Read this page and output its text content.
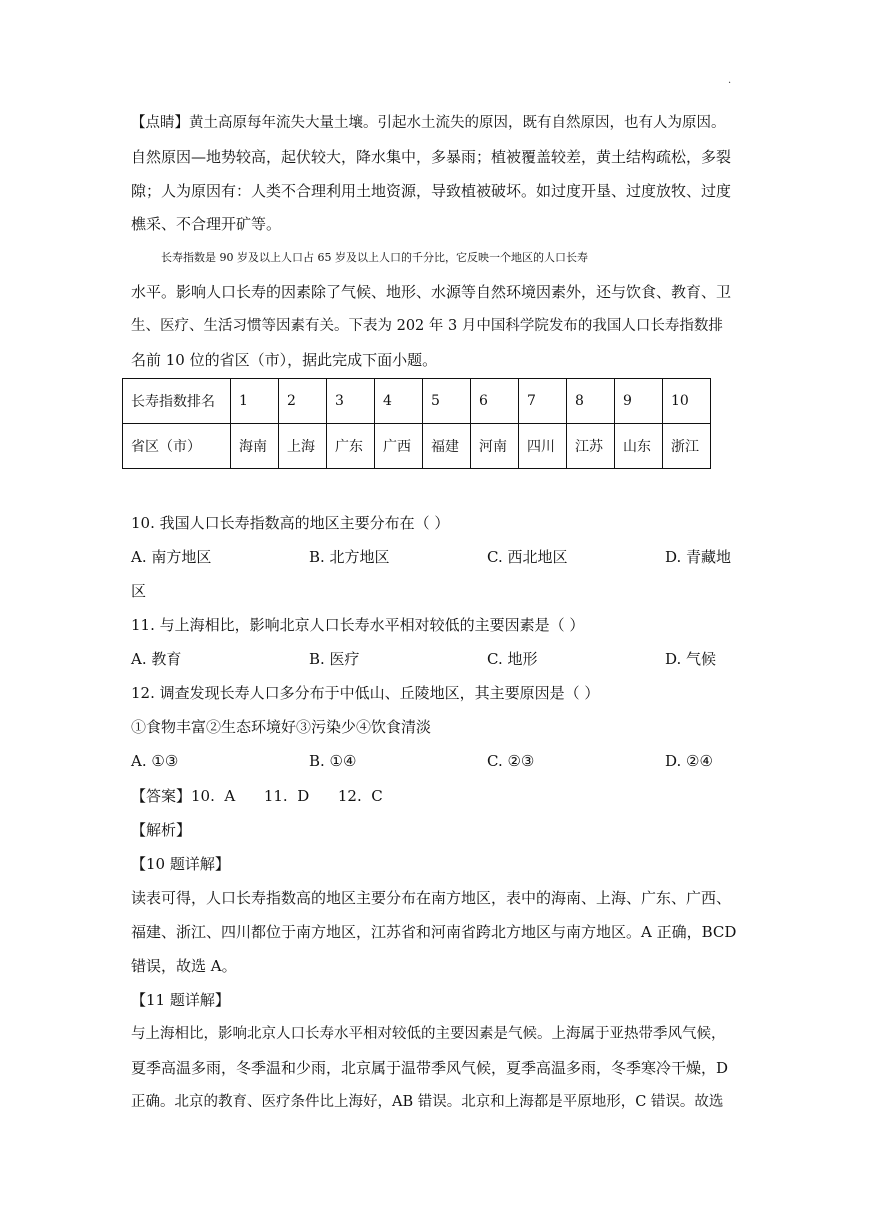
·
【点睛】黄土高原每年流失大量土壤。引起水土流失的原因，既有自然原因，也有人为原因。
自然原因—地势较高，起伏较大，降水集中，多暴雨；植被覆盖较差，黄土结构疏松，多裂
隙；人为原因有：人类不合理利用土地资源，导致植被破坏。如过度开垦、过度放牧、过度
樵采、不合理开矿等。
长寿指数是 90 岁及以上人口占 65 岁及以上人口的千分比，它反映一个地区的人口长寿
水平。影响人口长寿的因素除了气候、地形、水源等自然环境因素外，还与饮食、教育、卫
生、医疗、生活习惯等因素有关。下表为 202 年 3 月中国科学院发布的我国人口长寿指数排
名前 10 位的省区（市），据此完成下面小题。
长寿指数排名	1	2	3	4	5	6	7	8	9	10
省区（市）	海南	上海	广东	广西	福建	河南	四川	江苏	山东	浙江
10. 我国人口长寿指数高的地区主要分布在（ ）
A. 南方地区	B. 北方地区	C. 西北地区	D. 青藏地
区
11. 与上海相比，影响北京人口长寿水平相对较低的主要因素是（ ）
A. 教育	B. 医疗	C. 地形	D. 气候
12. 调查发现长寿人口多分布于中低山、丘陵地区，其主要原因是（ ）
①食物丰富②生态环境好③污染少④饮食清淡
A. ①③	B. ①④	C. ②③	D. ②④
【答案】10.  A      11.  D      12.  C
【解析】
【10 题详解】
读表可得，人口长寿指数高的地区主要分布在南方地区，表中的海南、上海、广东、广西、
福建、浙江、四川都位于南方地区，江苏省和河南省跨北方地区与南方地区。A 正确，BCD
错误，故选 A。
【11 题详解】
与上海相比，影响北京人口长寿水平相对较低的主要因素是气候。上海属于亚热带季风气候，
夏季高温多雨，冬季温和少雨，北京属于温带季风气候，夏季高温多雨，冬季寒冷干燥，D
正确。北京的教育、医疗条件比上海好，AB 错误。北京和上海都是平原地形，C 错误。故选
